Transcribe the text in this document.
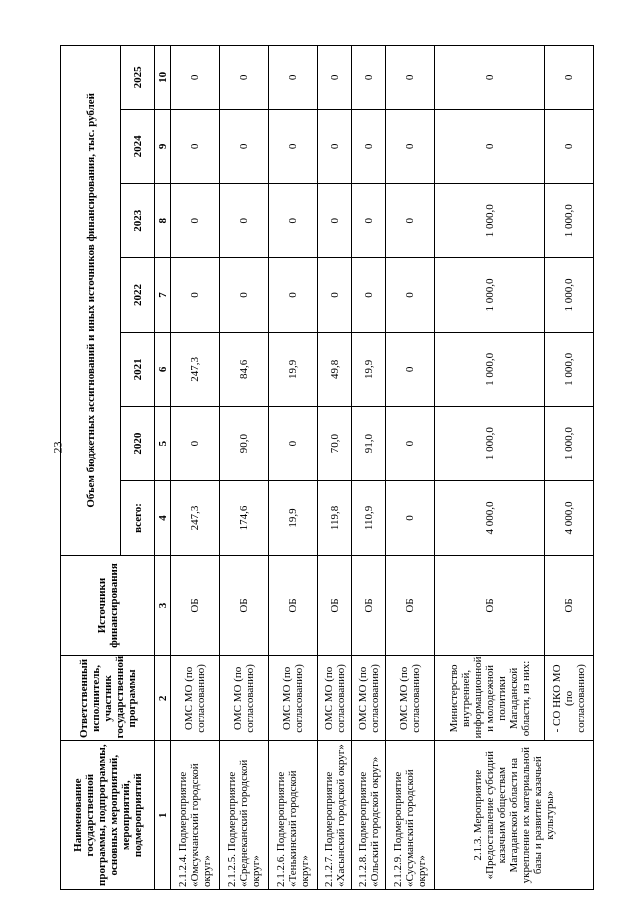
23
Наименование государственной программы, подпрограммы, основных мероприятий, мероприятий, подмероприятий	Ответственный исполнитель, участник государственной программы	Источники финансирования	Объем бюджетных ассигнований и иных источников финансирования, тыс. рублей						
			всего:	2020	2021	2022	2023	2024	2025
1	2	3	4	5	6	7	8	9	10
2.1.2.4. Подмероприятие «Омсукчанский городской округ»	ОМС МО (по согласованию)	ОБ	247,3	0	247,3	0	0	0	0
2.1.2.5. Подмероприятие «Среднеканский городской округ»	ОМС МО (по согласованию)	ОБ	174,6	90,0	84,6	0	0	0	0
2.1.2.6. Подмероприятие «Тенькинский городской округ»	ОМС МО (по согласованию)	ОБ	19,9	0	19,9	0	0	0	0
2.1.2.7. Подмероприятие «Хасынский городской округ»	ОМС МО (по согласованию)	ОБ	119,8	70,0	49,8	0	0	0	0
2.1.2.8. Подмероприятие «Ольский городской округ»	ОМС МО (по согласованию)	ОБ	110,9	91,0	19,9	0	0	0	0
2.1.2.9. Подмероприятие «Сусуманский городской округ»	ОМС МО (по согласованию)	ОБ	0	0	0	0	0	0	0
2.1.3. Мероприятие «Предоставление субсидий казачьим обществам Магаданской области на укрепление их материальной базы и развитие казачьей культуры»	Министерство внутренней, информационной и молодежной политики Магаданской области, из них:	ОБ	4 000,0	1 000,0	1 000,0	1 000,0	1 000,0	0	0
	- СО НКО МО (по согласованию)	ОБ	4 000,0	1 000,0	1 000,0	1 000,0	1 000,0	0	0
